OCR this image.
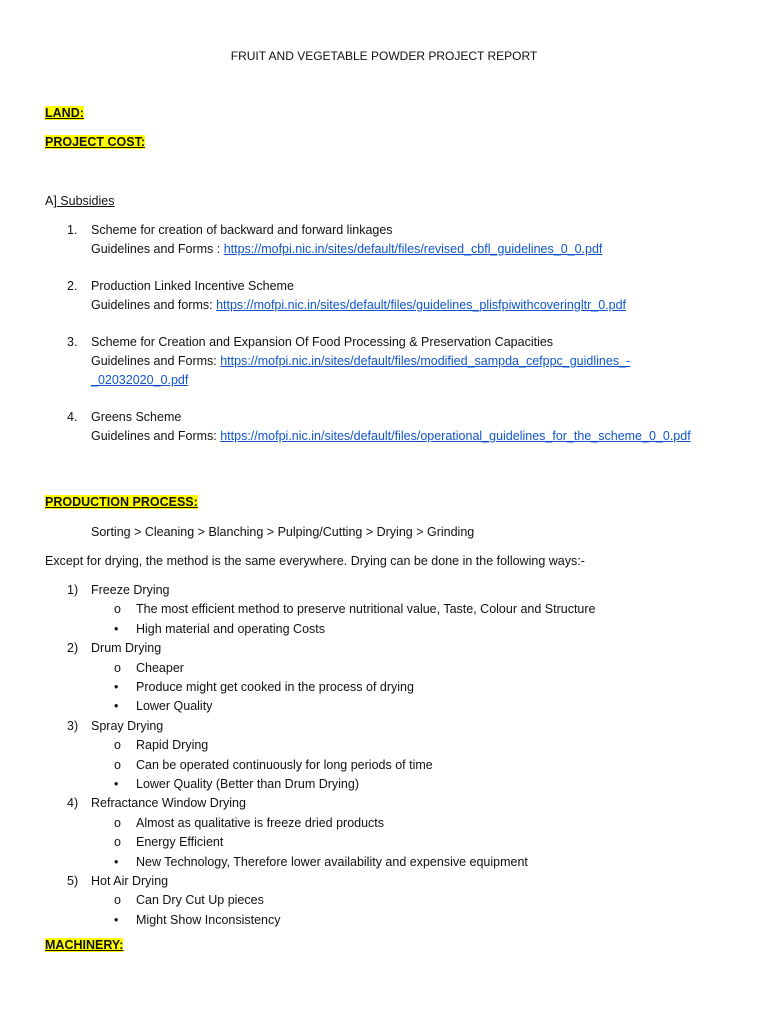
FRUIT AND VEGETABLE POWDER PROJECT REPORT
LAND:
PROJECT COST:
A] Subsidies
1. Scheme for creation of backward and forward linkages
Guidelines and Forms : https://mofpi.nic.in/sites/default/files/revised_cbfl_guidelines_0_0.pdf
2. Production Linked Incentive Scheme
Guidelines and forms: https://mofpi.nic.in/sites/default/files/guidelines_plisfpiwithcoveringltr_0.pdf
3. Scheme for Creation and Expansion Of Food Processing & Preservation Capacities
Guidelines and Forms: https://mofpi.nic.in/sites/default/files/modified_sampda_cefppc_guidlines_-
_02032020_0.pdf
4. Greens Scheme
Guidelines and Forms: https://mofpi.nic.in/sites/default/files/operational_guidelines_for_the_scheme_0_0.pdf
PRODUCTION PROCESS:
Sorting > Cleaning > Blanching > Pulping/Cutting > Drying > Grinding
Except for drying, the method is the same everywhere. Drying can be done in the following ways:-
1) Freeze Drying
o The most efficient method to preserve nutritional value, Taste, Colour and Structure
• High material and operating Costs
2) Drum Drying
o Cheaper
• Produce might get cooked in the process of drying
• Lower Quality
3) Spray Drying
o Rapid Drying
o Can be operated continuously for long periods of time
• Lower Quality (Better than Drum Drying)
4) Refractance Window Drying
o Almost as qualitative is freeze dried products
o Energy Efficient
• New Technology, Therefore lower availability and expensive equipment
5) Hot Air Drying
o Can Dry Cut Up pieces
• Might Show Inconsistency
MACHINERY:
